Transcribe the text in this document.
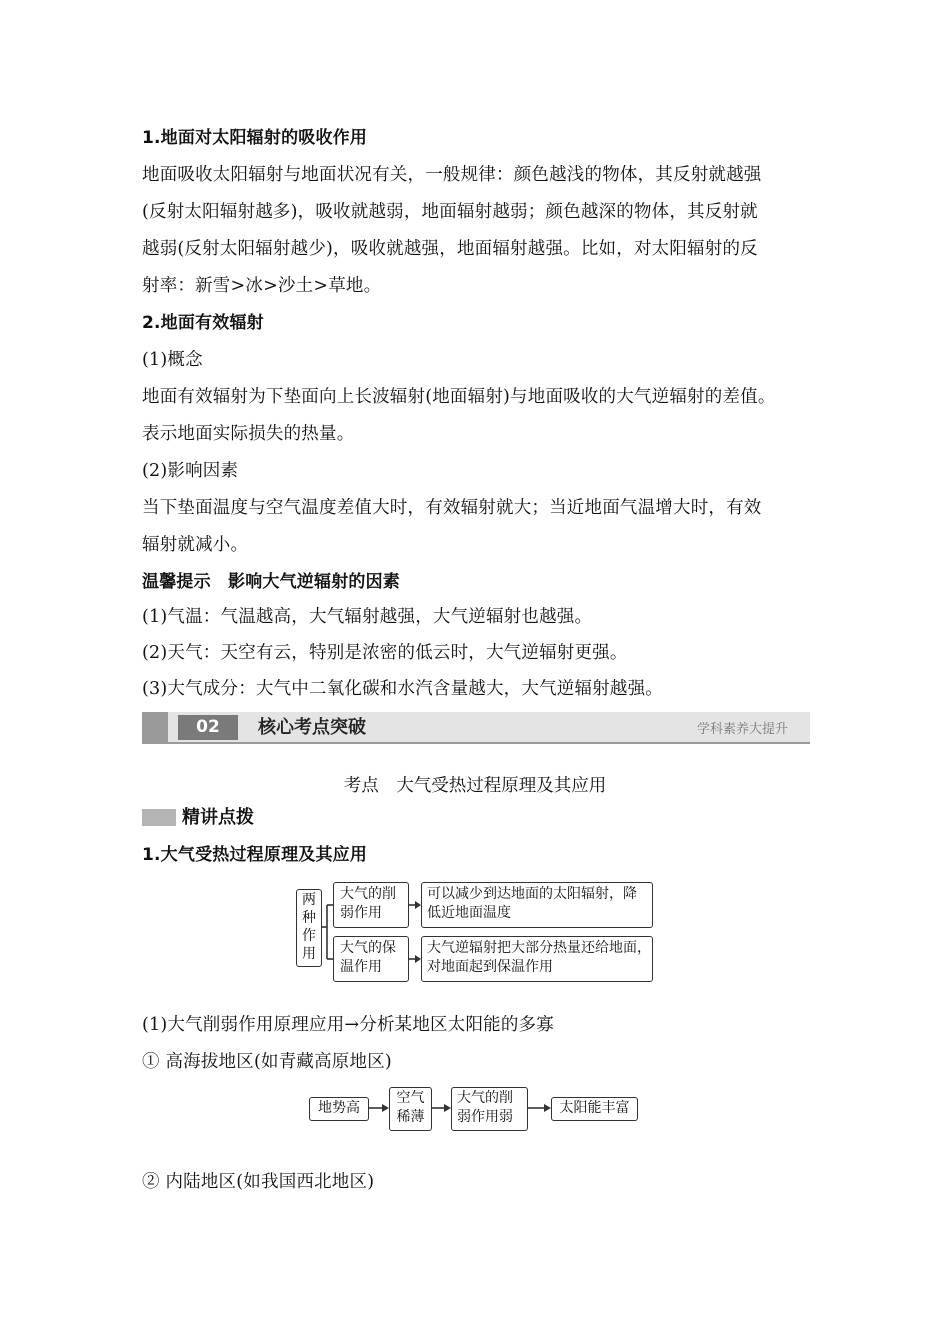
1.地面对太阳辐射的吸收作用
地面吸收太阳辐射与地面状况有关，一般规律：颜色越浅的物体，其反射就越强
(反射太阳辐射越多)，吸收就越弱，地面辐射越弱；颜色越深的物体，其反射就
越弱(反射太阳辐射越少)，吸收就越强，地面辐射越强。比如，对太阳辐射的反
射率：新雪>冰>沙土>草地。
2.地面有效辐射
(1)概念
地面有效辐射为下垫面向上长波辐射(地面辐射)与地面吸收的大气逆辐射的差值。
表示地面实际损失的热量。
(2)影响因素
当下垫面温度与空气温度差值大时，有效辐射就大；当近地面气温增大时，有效
辐射就减小。
温馨提示　影响大气逆辐射的因素
(1)气温：气温越高，大气辐射越强，大气逆辐射也越强。
(2)天气：天空有云，特别是浓密的低云时，大气逆辐射更强。
(3)大气成分：大气中二氧化碳和水汽含量越大，大气逆辐射越强。
02	核心考点突破	学科素养大提升
考点　大气受热过程原理及其应用
精讲点拨
1.大气受热过程原理及其应用
两
种
作
用
大气的削
弱作用
可以减少到达地面的太阳辐射，降
低近地面温度
大气的保
温作用
大气逆辐射把大部分热量还给地面，
对地面起到保温作用
(1)大气削弱作用原理应用→分析某地区太阳能的多寡
① 高海拔地区(如青藏高原地区)
地势高
空气
稀薄
大气的削
弱作用弱
太阳能丰富
② 内陆地区(如我国西北地区)
